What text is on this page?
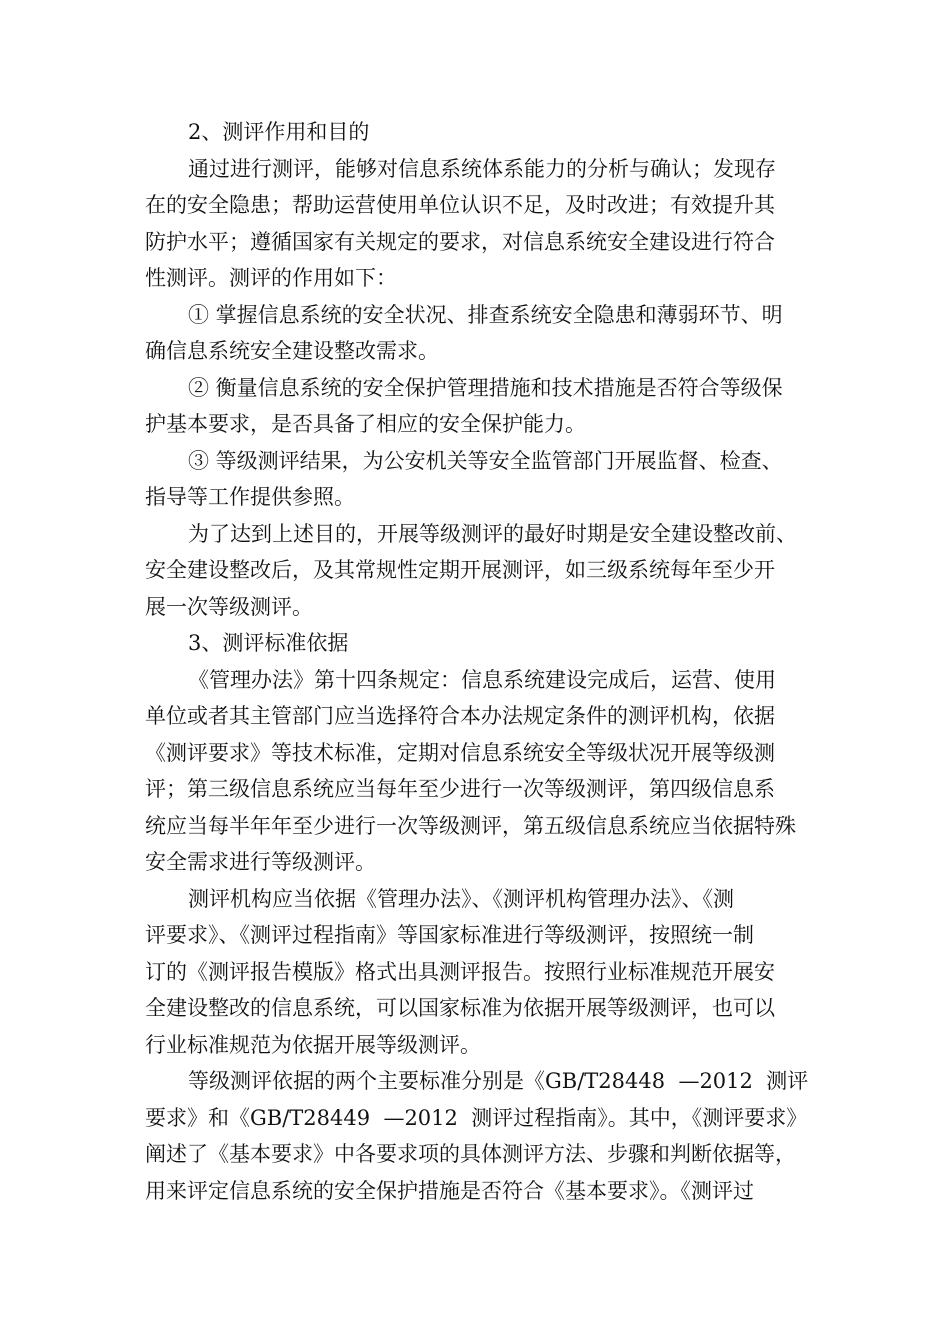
2、测评作用和目的
通过进行测评，能够对信息系统体系能力的分析与确认；发现存
在的安全隐患；帮助运营使用单位认识不足，及时改进；有效提升其
防护水平；遵循国家有关规定的要求，对信息系统安全建设进行符合
性测评。测评的作用如下：
① 掌握信息系统的安全状况、排查系统安全隐患和薄弱环节、明
确信息系统安全建设整改需求。
② 衡量信息系统的安全保护管理措施和技术措施是否符合等级保
护基本要求，是否具备了相应的安全保护能力。
③ 等级测评结果，为公安机关等安全监管部门开展监督、检查、
指导等工作提供参照。
为了达到上述目的，开展等级测评的最好时期是安全建设整改前、
安全建设整改后，及其常规性定期开展测评，如三级系统每年至少开
展一次等级测评。
3、测评标准依据
《管理办法》第十四条规定：信息系统建设完成后，运营、使用
单位或者其主管部门应当选择符合本办法规定条件的测评机构，依据
《测评要求》等技术标准，定期对信息系统安全等级状况开展等级测
评；第三级信息系统应当每年至少进行一次等级测评，第四级信息系
统应当每半年年至少进行一次等级测评，第五级信息系统应当依据特殊
安全需求进行等级测评。
测评机构应当依据《管理办法》、《测评机构管理办法》、《测
评要求》、《测评过程指南》等国家标准进行等级测评，按照统一制
订的《测评报告模版》格式出具测评报告。按照行业标准规范开展安
全建设整改的信息系统，可以国家标准为依据开展等级测评，也可以
行业标准规范为依据开展等级测评。
等级测评依据的两个主要标准分别是《GB/T28448  —2012  测评
要求》和《GB/T28449  —2012  测评过程指南》。其中，《测评要求》
阐述了《基本要求》中各要求项的具体测评方法、步骤和判断依据等，
用来评定信息系统的安全保护措施是否符合《基本要求》。《测评过
